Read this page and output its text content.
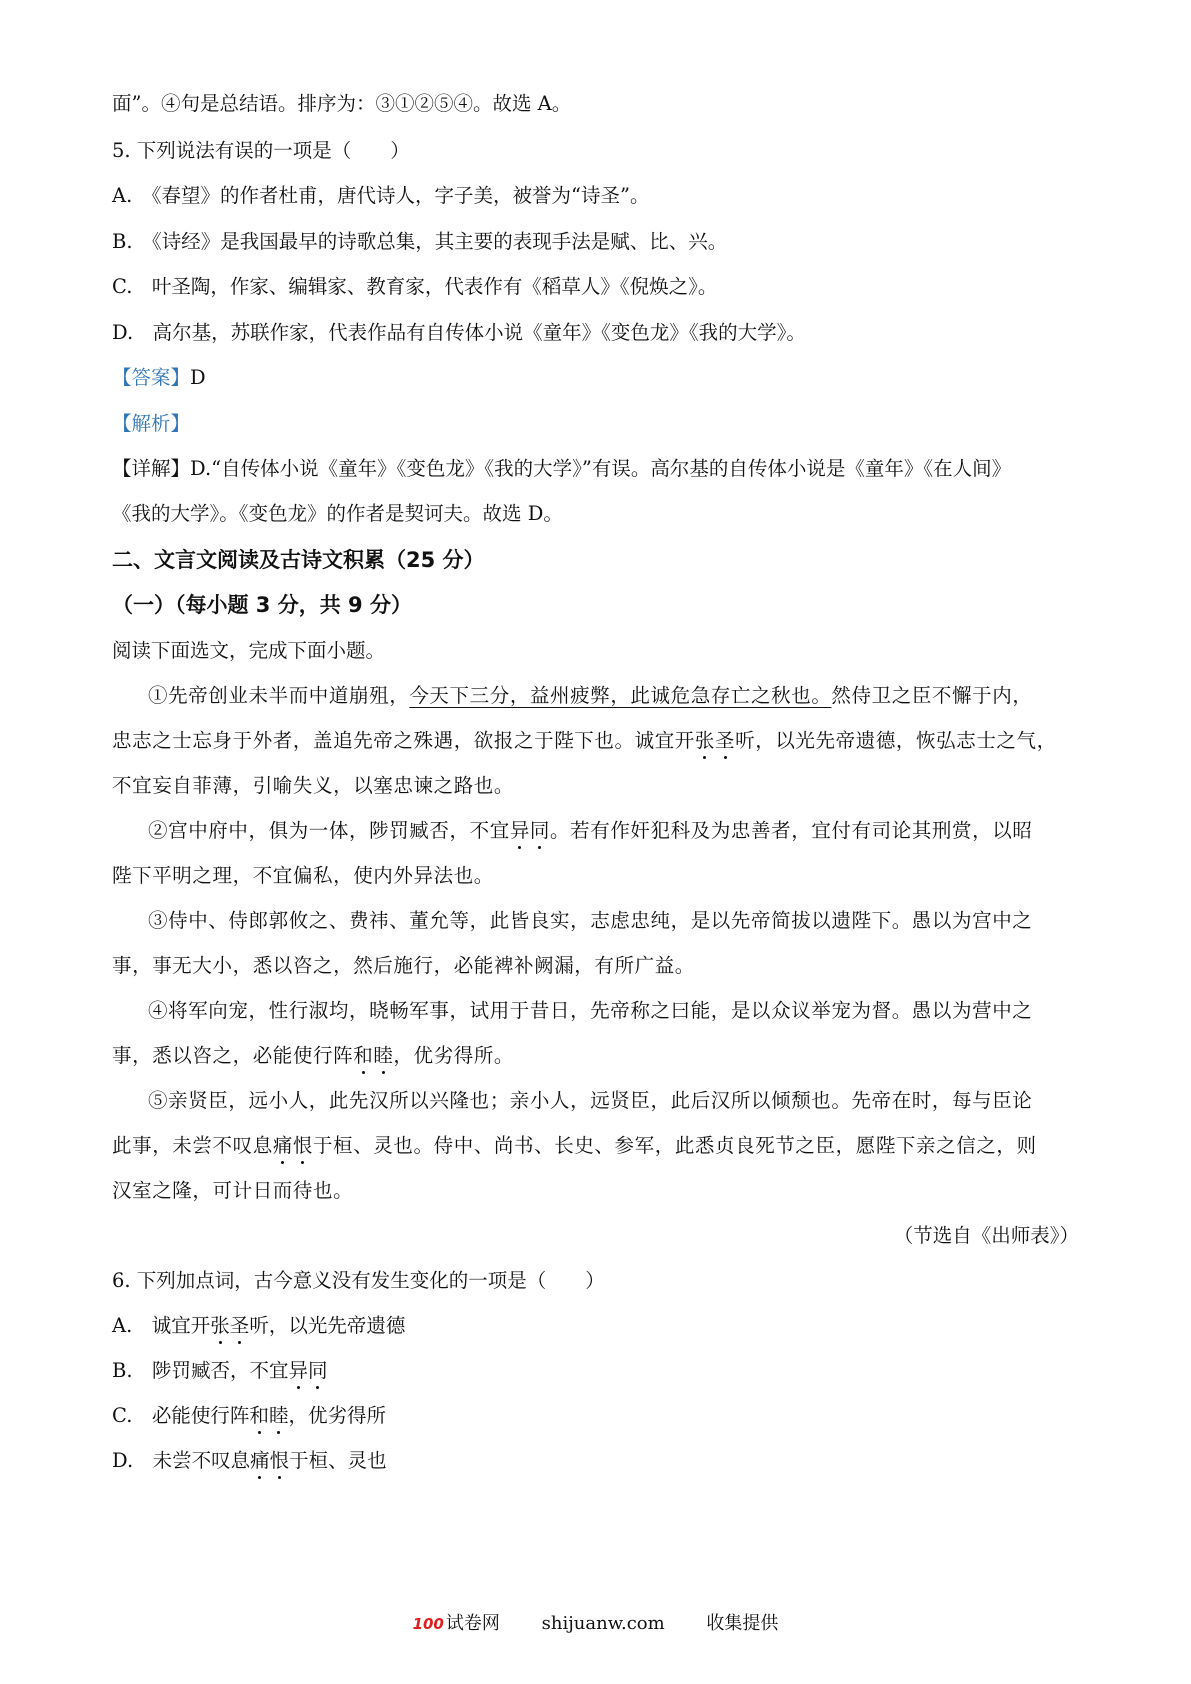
面”。④句是总结语。排序为：③①②⑤④。故选 A。
5. 下列说法有误的一项是（　　）
A.　《春望》的作者杜甫，唐代诗人，字子美，被誉为“诗圣”。
B.　《诗经》是我国最早的诗歌总集，其主要的表现手法是赋、比、兴。
C.　叶圣陶，作家、编辑家、教育家，代表作有《稻草人》《倪焕之》。
D.　高尔基，苏联作家，代表作品有自传体小说《童年》《变色龙》《我的大学》。
【答案】D
【解析】
【详解】D.“自传体小说《童年》《变色龙》《我的大学》”有误。高尔基的自传体小说是《童年》《在人间》
《我的大学》。《变色龙》的作者是契诃夫。故选 D。
二、文言文阅读及古诗文积累（25 分）
（一）（每小题 3 分，共 9 分）
阅读下面选文，完成下面小题。
①先帝创业未半而中道崩殂，今天下三分，益州疲弊，此诚危急存亡之秋也。然侍卫之臣不懈于内，
忠志之士忘身于外者，盖追先帝之殊遇，欲报之于陛下也。诚宜开张圣听，以光先帝遗德，恢弘志士之气，
不宜妄自菲薄，引喻失义，以塞忠谏之路也。
②宫中府中，俱为一体，陟罚臧否，不宜异同。若有作奸犯科及为忠善者，宜付有司论其刑赏，以昭
陛下平明之理，不宜偏私，使内外异法也。
③侍中、侍郎郭攸之、费祎、董允等，此皆良实，志虑忠纯，是以先帝简拔以遗陛下。愚以为宫中之
事，事无大小，悉以咨之，然后施行，必能裨补阙漏，有所广益。
④将军向宠，性行淑均，晓畅军事，试用于昔日，先帝称之曰能，是以众议举宠为督。愚以为营中之
事，悉以咨之，必能使行阵和睦，优劣得所。
⑤亲贤臣，远小人，此先汉所以兴隆也；亲小人，远贤臣，此后汉所以倾颓也。先帝在时，每与臣论
此事，未尝不叹息痛恨于桓、灵也。侍中、尚书、长史、参军，此悉贞良死节之臣，愿陛下亲之信之，则
汉室之隆，可计日而待也。
（节选自《出师表》）
6. 下列加点词，古今意义没有发生变化的一项是（　　）
A.　诚宜开张圣听，以光先帝遗德
B.　陟罚臧否，不宜异同
C.　必能使行阵和睦，优劣得所
D.　未尝不叹息痛恨于桓、灵也
100 试卷网 shijuanw.com 收集提供
